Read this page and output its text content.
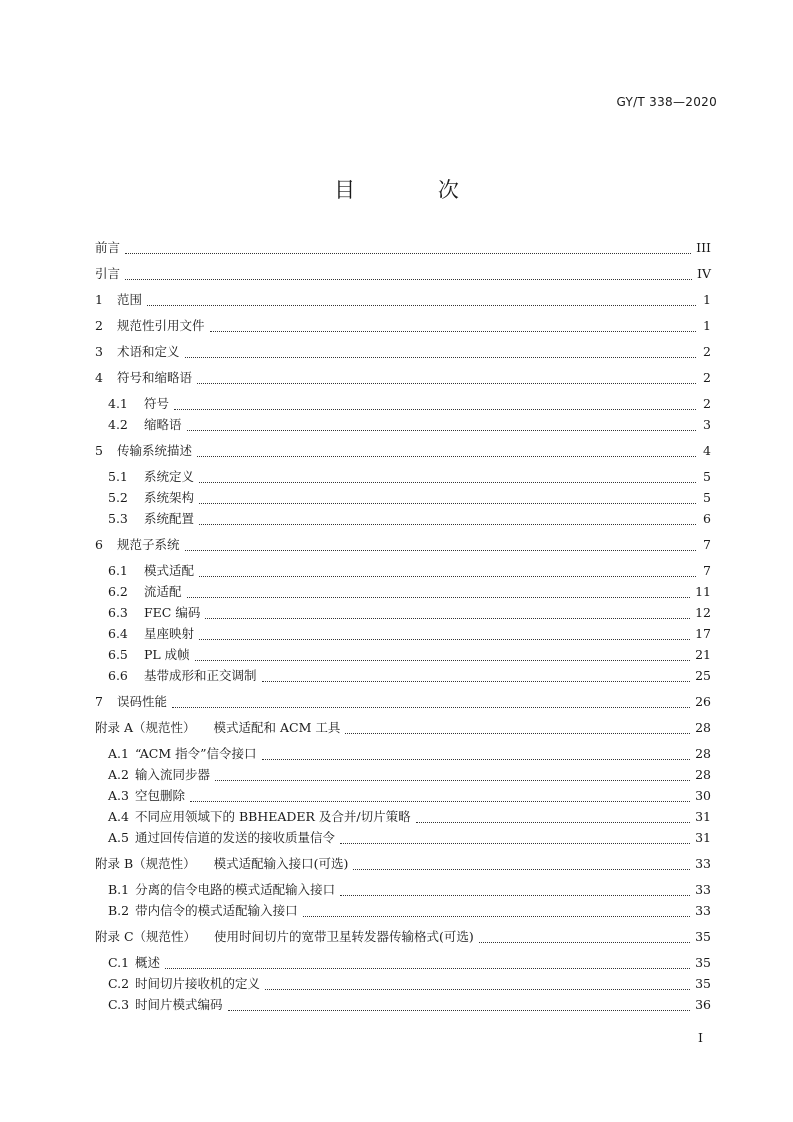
GY/T 338—2020
目 次
前言	III
引言	IV
1	范围	1
2	规范性引用文件	1
3	术语和定义	2
4	符号和缩略语	2
4.1	符号	2
4.2	缩略语	3
5	传输系统描述	4
5.1	系统定义	5
5.2	系统架构	5
5.3	系统配置	6
6	规范子系统	7
6.1	模式适配	7
6.2	流适配	11
6.3	FEC 编码	12
6.4	星座映射	17
6.5	PL 成帧	21
6.6	基带成形和正交调制	25
7	误码性能	26
附录 A（规范性） 模式适配和 ACM 工具	28
A.1 “ACM 指令”信令接口	28
A.2 输入流同步器	28
A.3 空包删除	30
A.4 不同应用领域下的 BBHEADER 及合并/切片策略	31
A.5 通过回传信道的发送的接收质量信令	31
附录 B（规范性） 模式适配输入接口(可选)	33
B.1 分离的信令电路的模式适配输入接口	33
B.2 带内信令的模式适配输入接口	33
附录 C（规范性） 使用时间切片的宽带卫星转发器传输格式(可选)	35
C.1 概述	35
C.2 时间切片接收机的定义	35
C.3 时间片模式编码	36
I
